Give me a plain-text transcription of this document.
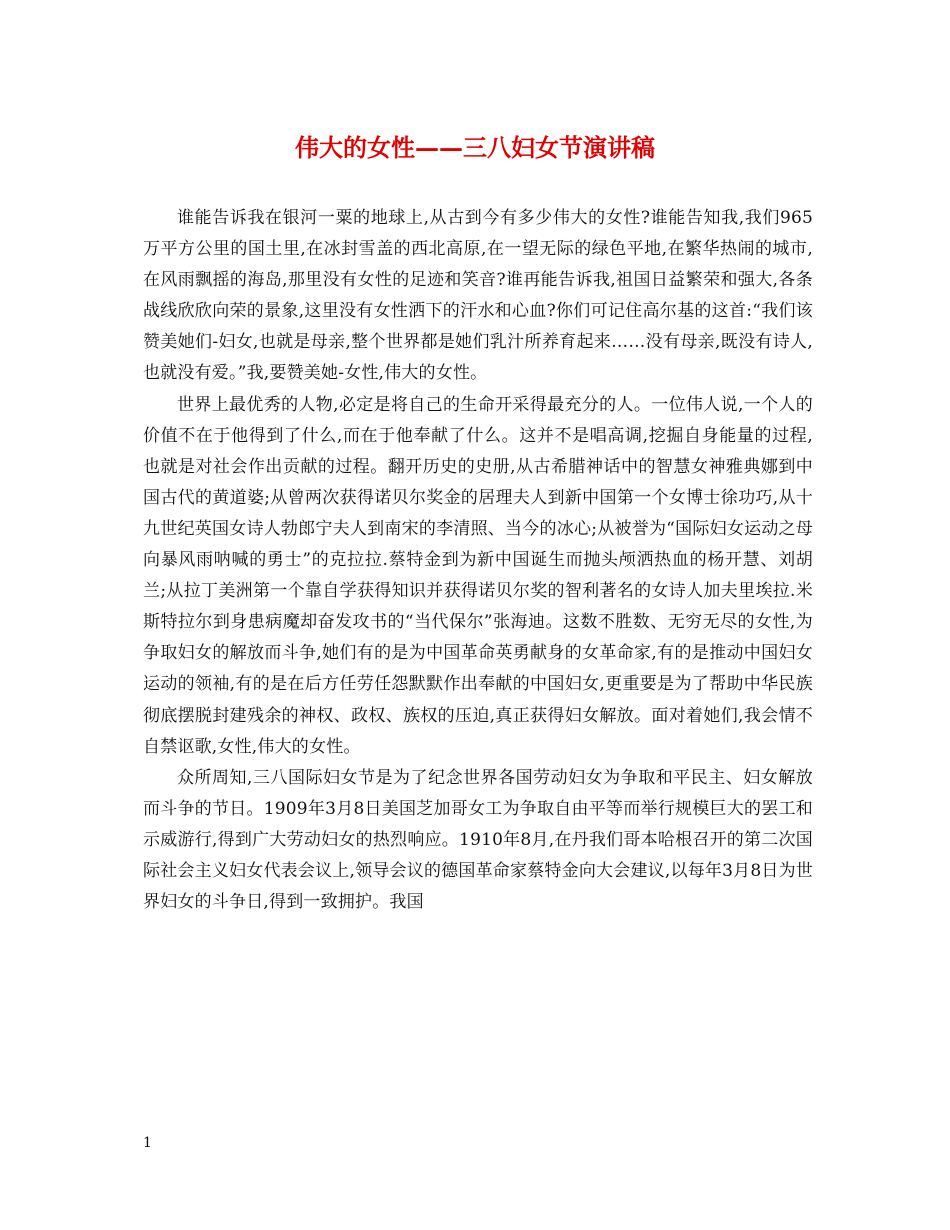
伟大的女性——三八妇女节演讲稿

谁能告诉我在银河一粟的地球上,从古到今有多少伟大的女性?谁能告知我,我们965万平方公里的国土里,在冰封雪盖的西北高原,在一望无际的绿色平地,在繁华热闹的城市,在风雨飘摇的海岛,那里没有女性的足迹和笑音?谁再能告诉我,祖国日益繁荣和强大,各条战线欣欣向荣的景象,这里没有女性洒下的汗水和心血?你们可记住高尔基的这首:“我们该赞美她们-妇女,也就是母亲,整个世界都是她们乳汁所养育起来……没有母亲,既没有诗人,也就没有爱。”我,要赞美她-女性,伟大的女性。

世界上最优秀的人物,必定是将自己的生命开采得最充分的人。一位伟人说,一个人的价值不在于他得到了什么,而在于他奉献了什么。这并不是唱高调,挖掘自身能量的过程,也就是对社会作出贡献的过程。翻开历史的史册,从古希腊神话中的智慧女神雅典娜到中国古代的黄道婆;从曾两次获得诺贝尔奖金的居理夫人到新中国第一个女博士徐功巧,从十九世纪英国女诗人勃郎宁夫人到南宋的李清照、当今的冰心;从被誉为“国际妇女运动之母向暴风雨呐喊的勇士”的克拉拉.蔡特金到为新中国诞生而抛头颅洒热血的杨开慧、刘胡兰;从拉丁美洲第一个靠自学获得知识并获得诺贝尔奖的智利著名的女诗人加夫里埃拉.米斯特拉尔到身患病魔却奋发攻书的“当代保尔”张海迪。这数不胜数、无穷无尽的女性,为争取妇女的解放而斗争,她们有的是为中国革命英勇献身的女革命家,有的是推动中国妇女运动的领袖,有的是在后方任劳任怨默默作出奉献的中国妇女,更重要是为了帮助中华民族彻底摆脱封建残余的神权、政权、族权的压迫,真正获得妇女解放。面对着她们,我会情不自禁讴歌,女性,伟大的女性。

众所周知,三八国际妇女节是为了纪念世界各国劳动妇女为争取和平民主、妇女解放而斗争的节日。1909年3月8日美国芝加哥女工为争取自由平等而举行规模巨大的罢工和示威游行,得到广大劳动妇女的热烈响应。1910年8月,在丹我们哥本哈根召开的第二次国际社会主义妇女代表会议上,领导会议的德国革命家蔡特金向大会建议,以每年3月8日为世界妇女的斗争日,得到一致拥护。我国

1
